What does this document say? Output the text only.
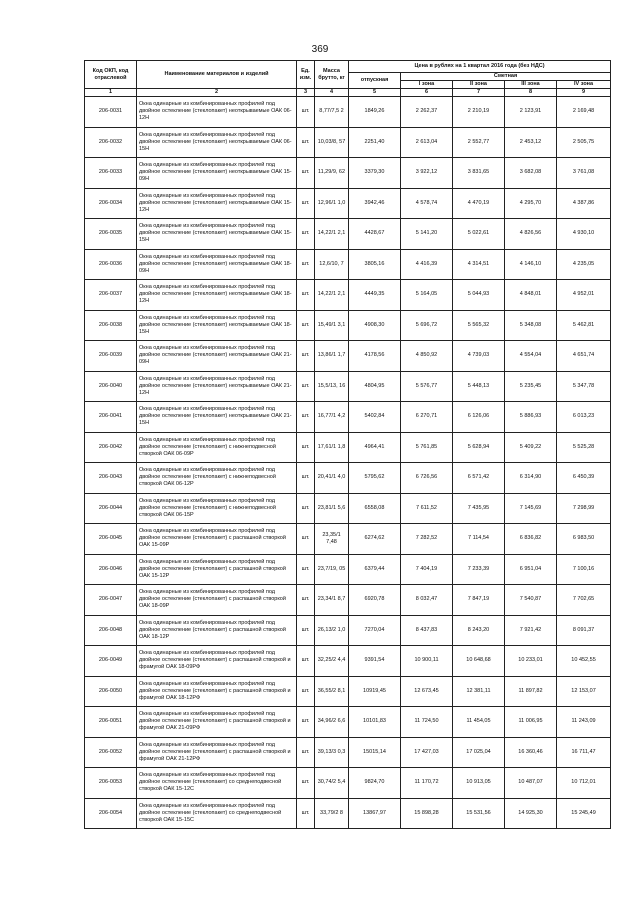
369
Код ОКП, код отраслевой	Наименование материалов и изделий	Ед. изм.	Масса брутто, кг	Цена в рублях на 1 квартал 2016 года (без НДС)				
				отпускная	Сметная			
					I зона	II зона	III зона	IV зона
1	2	3	4	5	6	7	8	9
206-0031	Окна одинарные из комбинированных профилей под двойное остекление (стеклопакет) неоткрываемые ОАК 06-12Н	шт.	8,77/7,5 2	1849,26	2 262,37	2 210,19	2 123,91	2 169,48
206-0032	Окна одинарные из комбинированных профилей под двойное остекление (стеклопакет) неоткрываемые ОАК 06-15Н	шт.	10,03/8, 57	2251,40	2 613,04	2 552,77	2 453,12	2 505,75
206-0033	Окна одинарные из комбинированных профилей под двойное остекление (стеклопакет) неоткрываемые ОАК 15-09Н	шт.	11,29/9, 62	3379,30	3 922,12	3 831,65	3 682,08	3 761,08
206-0034	Окна одинарные из комбинированных профилей под двойное остекление (стеклопакет) неоткрываемые ОАК 15-12Н	шт.	12,96/1 1,0	3942,46	4 578,74	4 470,19	4 295,70	4 387,86
206-0035	Окна одинарные из комбинированных профилей под двойное остекление (стеклопакет) неоткрываемые ОАК 15-15Н	шт.	14,22/1 2,1	4428,67	5 141,20	5 022,61	4 826,56	4 930,10
206-0036	Окна одинарные из комбинированных профилей под двойное остекление (стеклопакет) неоткрываемые ОАК 18-09Н	шт.	12,6/10, 7	3805,16	4 416,39	4 314,51	4 146,10	4 235,05
206-0037	Окна одинарные из комбинированных профилей под двойное остекление (стеклопакет) неоткрываемые ОАК 18-12Н	шт.	14,22/1 2,1	4449,35	5 164,05	5 044,93	4 848,01	4 952,01
206-0038	Окна одинарные из комбинированных профилей под двойное остекление (стеклопакет) неоткрываемые ОАК 18-15Н	шт.	15,49/1 3,1	4908,30	5 696,72	5 565,32	5 348,08	5 462,81
206-0039	Окна одинарные из комбинированных профилей под двойное остекление (стеклопакет) неоткрываемые ОАК 21-09Н	шт.	13,86/1 1,7	4178,56	4 850,92	4 739,03	4 554,04	4 651,74
206-0040	Окна одинарные из комбинированных профилей под двойное остекление (стеклопакет) неоткрываемые ОАК 21-12Н	шт.	15,5/13, 16	4804,95	5 576,77	5 448,13	5 235,45	5 347,78
206-0041	Окна одинарные из комбинированных профилей под двойное остекление (стеклопакет) неоткрываемые ОАК 21-15Н	шт.	16,77/1 4,2	5402,84	6 270,71	6 126,06	5 886,93	6 013,23
206-0042	Окна одинарные из комбинированных профилей под двойное остекление (стеклопакет) с нижнеподвесной створкой ОАК 06-09Р	шт.	17,61/1 1,8	4964,41	5 761,85	5 628,94	5 409,22	5 525,28
206-0043	Окна одинарные из комбинированных профилей под двойное остекление (стеклопакет) с нижнеподвесной створкой ОАК 06-12Р	шт.	20,41/1 4,0	5795,62	6 726,56	6 571,42	6 314,90	6 450,39
206-0044	Окна одинарные из комбинированных профилей под двойное остекление (стеклопакет) с нижнеподвесной створкой ОАК 06-15Р	шт.	23,81/1 5,6	6558,08	7 611,52	7 435,95	7 145,69	7 298,99
206-0045	Окна одинарные из комбинированных профилей под двойное остекление (стеклопакет) с распашной створкой ОАК 15-09Р	шт.	23,35/1 7,48	6274,62	7 282,52	7 114,54	6 836,82	6 983,50
206-0046	Окна одинарные из комбинированных профилей под двойное остекление (стеклопакет) с распашной створкой ОАК 15-12Р	шт.	23,7/19, 05	6379,44	7 404,19	7 233,39	6 951,04	7 100,16
206-0047	Окна одинарные из комбинированных профилей под двойное остекление (стеклопакет) с распашной створкой ОАК 18-09Р	шт.	23,34/1 8,7	6920,78	8 032,47	7 847,19	7 540,87	7 702,65
206-0048	Окна одинарные из комбинированных профилей под двойное остекление (стеклопакет) с распашной створкой ОАК 18-12Р	шт.	26,13/2 1,0	7270,04	8 437,83	8 243,20	7 921,42	8 091,37
206-0049	Окна одинарные из комбинированных профилей под двойное остекление (стеклопакет) с распашной створкой и фрамугой ОАК 18-09РФ	шт.	32,25/2 4,4	9391,54	10 900,11	10 648,68	10 233,01	10 452,55
206-0050	Окна одинарные из комбинированных профилей под двойное остекление (стеклопакет) с распашной створкой и фрамугой ОАК 18-12РФ	шт.	36,55/2 8,1	10919,45	12 673,45	12 381,11	11 897,82	12 153,07
206-0051	Окна одинарные из комбинированных профилей под двойное остекление (стеклопакет) с распашной створкой и фрамугой ОАК 21-09РФ	шт.	34,96/2 6,6	10101,83	11 724,50	11 454,05	11 006,95	11 243,09
206-0052	Окна одинарные из комбинированных профилей под двойное остекление (стеклопакет) с распашной створкой и фрамугой ОАК 21-12РФ	шт.	39,13/3 0,3	15015,14	17 427,03	17 025,04	16 360,46	16 711,47
206-0053	Окна одинарные из комбинированных профилей под двойное остекление (стеклопакет) со среднеподвесной створкой ОАК 15-12С	шт.	30,74/2 5,4	9824,70	11 170,72	10 913,05	10 487,07	10 712,01
206-0054	Окна одинарные из комбинированных профилей под двойное остекление (стеклопакет) со среднеподвесной створкой ОАК 15-15С	шт.	33,79/2 8	13867,97	15 898,28	15 531,56	14 925,30	15 245,49
